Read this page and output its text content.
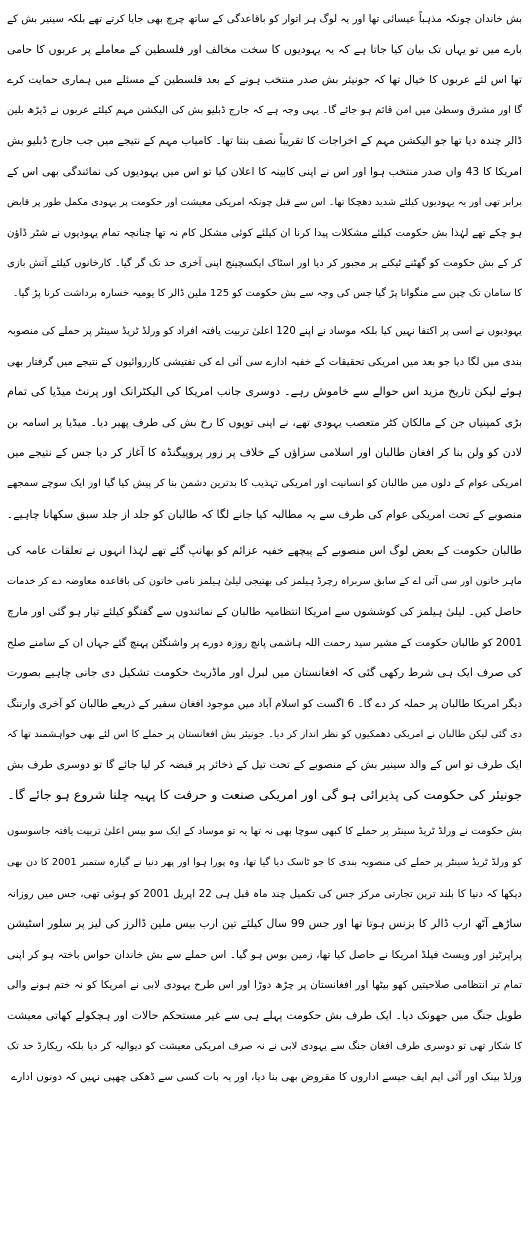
بش خاندان چونکہ مذہباً عیسائی تھا اور یہ لوگ ہر اتوار کو باقاعدگی کے ساتھ چرچ بھی جایا کرتے تھے بلکہ سینیر بش کے
بارے میں تو یہاں تک بیان کیا جاتا ہے کہ یہ یہودیوں کا سخت مخالف اور فلسطین کے معاملے پر عربوں کا حامی
تھا اس لئے عربوں کا خیال تھا کہ جونیئر بش صدر منتخب ہونے کے بعد فلسطین کے مسئلے میں ہماری حمایت کرے
گا اور مشرق وسطیٰ میں امن قائم ہو جائے گا۔ یہی وجہ ہے کہ جارج ڈبلیو بش کی الیکشن مہم کیلئے عربوں نے ڈیڑھ بلین
ڈالر چندہ دیا تھا جو الیکشن مہم کے اخراجات کا تقریباً نصف بنتا تھا۔ کامیاب مہم کے نتیجے میں جب جارج ڈبلیو بش
امریکا کا 43 واں صدر منتخب ہوا اور اس نے اپنی کابینہ کا اعلان کیا تو اس میں یہودیوں کی نمائندگی بھی اس کے
برابر تھی اور یہ یہودیوں کیلئے شدید دھچکا تھا۔ اس سے قبل چونکہ امریکی معیشت اور حکومت پر یہودی مکمل طور پر قابض
ہو چکے تھے لہٰذا بش حکومت کیلئے مشکلات پیدا کرنا ان کیلئے کوئی مشکل کام نہ تھا چنانچہ تمام یہودیوں نے شٹر ڈاؤن
کر کے بش حکومت کو گھٹنے ٹیکنے پر مجبور کر دیا اور اسٹاک ایکسچینج اپنی آخری حد تک گر گیا۔ کارخانوں کیلئے آتش بازی
کا سامان تک چین سے منگوانا پڑ گیا جس کی وجہ سے بش حکومت کو 125 ملین ڈالر کا یومیہ خسارہ برداشت کرنا پڑ گیا۔
یہودیوں نے اسی پر اکتفا نہیں کیا بلکہ موساد نے اپنے 120 اعلیٰ تربیت یافتہ افراد کو ورلڈ ٹریڈ سینٹر پر حملے کی منصوبہ
بندی میں لگا دیا جو بعد میں امریکی تحقیقات کے خفیہ ادارے سی آئی اے کی تفتیشی کارروائیوں کے نتیجے میں گرفتار بھی
ہوئے لیکن تاریخ مزید اس حوالے سے خاموش رہے۔ دوسری جانب امریکا کی الیکٹرانک اور پرنٹ میڈیا کی تمام
بڑی کمپنیاں جن کے مالکان کٹر متعصب یہودی تھے، نے اپنی توپوں کا رخ بش کی طرف پھیر دیا۔ میڈیا پر اسامہ بن
لادن کو ولن بنا کر افغان طالبان اور اسلامی سزاؤں کے خلاف پر زور پروپیگنڈہ کا آغاز کر دیا جس کے نتیجے میں
امریکی عوام کے دلوں میں طالبان کو انسانیت اور امریکی تہذیب کا بدترین دشمن بنا کر پیش کیا گیا اور ایک سوچے سمجھے
منصوبے کے تحت امریکی عوام کی طرف سے یہ مطالبہ کیا جانے لگا کہ طالبان کو جلد از جلد سبق سکھانا چاہیے۔
طالبان حکومت کے بعض لوگ اس منصوبے کے پیچھے خفیہ عزائم کو بھانپ گئے تھے لہٰذا انہوں نے تعلقات عامہ کی
ماہر خاتون اور سی آئی اے کے سابق سربراہ رچرڈ ہیلمز کی بھتیجی لیلیٰ ہیلمز نامی خاتون کی باقاعدہ معاوضہ دے کر خدمات
حاصل کیں۔ لیلیٰ ہیلمز کی کوششوں سے امریکا انتظامیہ طالبان کے نمائندوں سے گفتگو کیلئے تیار ہو گئی اور مارچ
2001 کو طالبان حکومت کے مشیر سید رحمت اللہ ہاشمی پانچ روزہ دورے پر واشنگٹن پہنچ گئے جہاں ان کے سامنے صلح
کی صرف ایک ہی شرط رکھی گئی کہ افغانستان میں لبرل اور ماڈریٹ حکومت تشکیل دی جانی چاہیے بصورت
دیگر امریکا طالبان پر حملہ کر دے گا۔ 6 اگست کو اسلام آباد میں موجود افغان سفیر کے ذریعے طالبان کو آخری وارننگ
دی گئی لیکن طالبان نے امریکی دھمکیوں کو نظر انداز کر دیا۔ جونیئر بش افغانستان پر حملے کا اس لئے بھی خواہشمند تھا کہ
ایک طرف تو اس کے والد سینیر بش کے منصوبے کے تحت تیل کے ذخائر پر قبضہ کر لیا جائے گا تو دوسری طرف بش
جونیئر کی حکومت کی پذیرائی ہو گی اور امریکی صنعت و حرفت کا پہیہ چلنا شروع ہو جائے گا۔
بش حکومت نے ورلڈ ٹریڈ سینٹر پر حملے کا کبھی سوچا بھی نہ تھا یہ تو موساد کے ایک سو بیس اعلیٰ تربیت یافتہ جاسوسوں
کو ورلڈ ٹریڈ سینٹر پر حملے کی منصوبہ بندی کا جو ٹاسک دیا گیا تھا، وہ پورا ہوا اور پھر دنیا نے گیارہ ستمبر 2001 کا دن بھی
دیکھا کہ دنیا کا بلند ترین تجارتی مرکز جس کی تکمیل چند ماہ قبل ہی 22 اپریل 2001 کو ہوئی تھی، جس میں روزانہ
ساڑھے آٹھ ارب ڈالر کا بزنس ہوتا تھا اور جس 99 سال کیلئے تین ارب بیس ملین ڈالرز کی لیز پر سلور اسٹیشن
پراپرٹیز اور ویسٹ فیلڈ امریکا نے حاصل کیا تھا، زمین بوس ہو گیا۔ اس حملے سے بش خاندان حواس باختہ ہو کر اپنی
تمام تر انتظامی صلاحیتیں کھو بیٹھا اور افغانستان پر چڑھ دوڑا اور اس طرح یہودی لابی نے امریکا کو نہ ختم ہونے والی
طویل جنگ میں جھونک دیا۔ ایک طرف بش حکومت پہلے ہی سے غیر مستحکم حالات اور ہچکولے کھاتی معیشت
کا شکار تھی تو دوسری طرف افغان جنگ سے یہودی لابی نے نہ صرف امریکی معیشت کو دیوالیہ کر دیا بلکہ ریکارڈ حد تک
ورلڈ بینک اور آئی ایم ایف جیسے اداروں کا مقروض بھی بنا دیا، اور یہ بات کسی سے ڈھکی چھپی نہیں کہ دونوں ادارے
